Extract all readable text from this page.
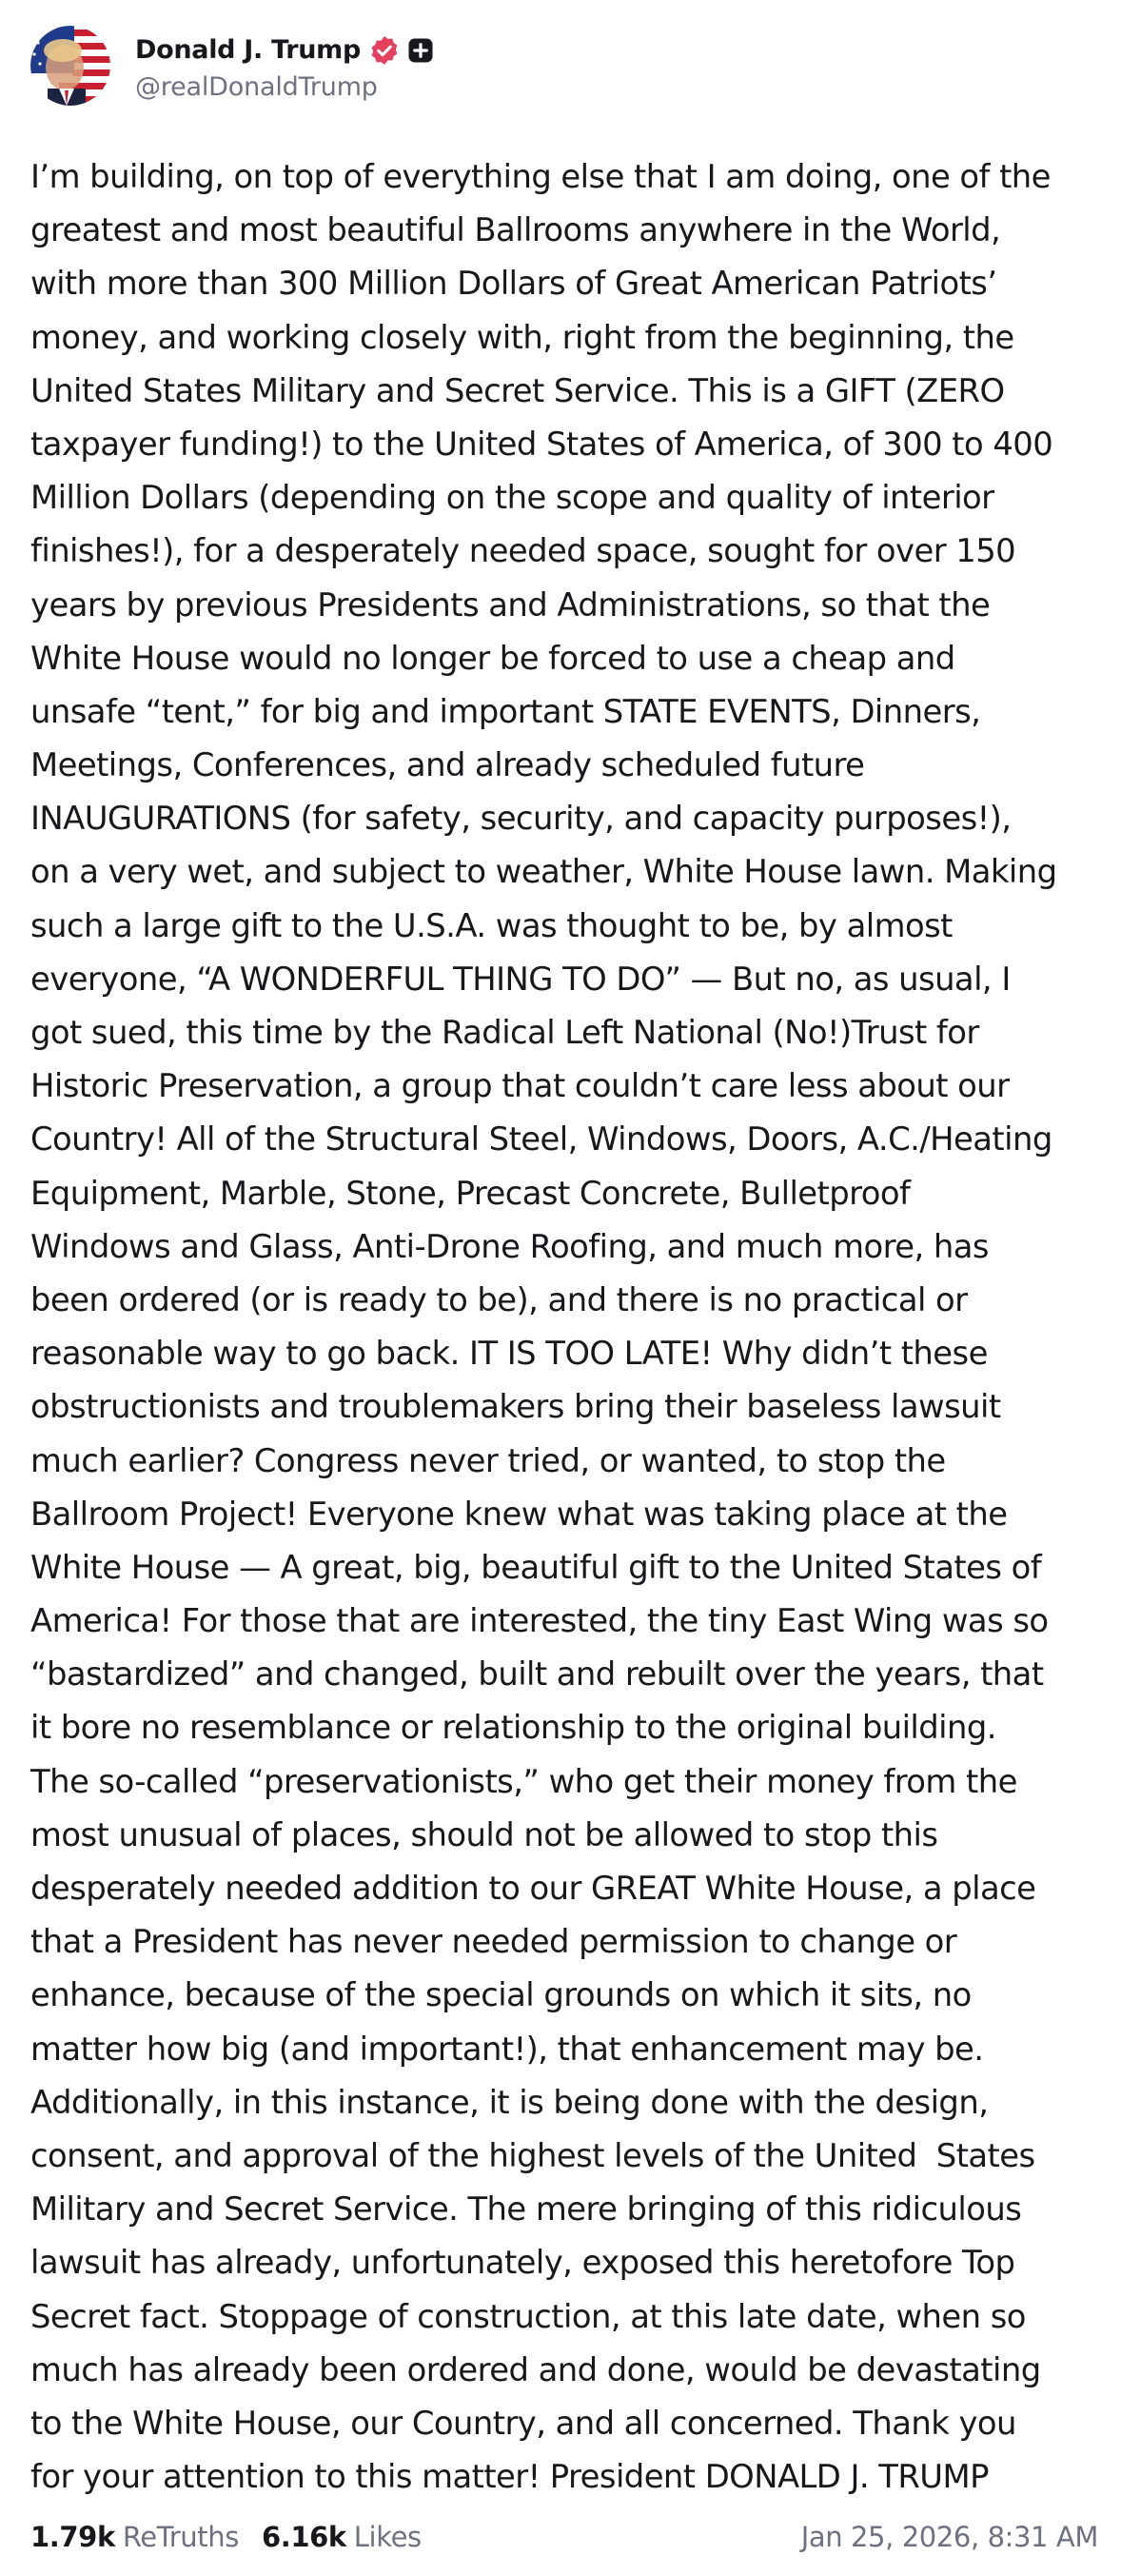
Donald J. Trump
@realDonaldTrump
I’m building, on top of everything else that I am doing, one of the
greatest and most beautiful Ballrooms anywhere in the World,
with more than 300 Million Dollars of Great American Patriots’
money, and working closely with, right from the beginning, the
United States Military and Secret Service. This is a GIFT (ZERO
taxpayer funding!) to the United States of America, of 300 to 400
Million Dollars (depending on the scope and quality of interior
finishes!), for a desperately needed space, sought for over 150
years by previous Presidents and Administrations, so that the
White House would no longer be forced to use a cheap and
unsafe “tent,” for big and important STATE EVENTS, Dinners,
Meetings, Conferences, and already scheduled future
INAUGURATIONS (for safety, security, and capacity purposes!),
on a very wet, and subject to weather, White House lawn. Making
such a large gift to the U.S.A. was thought to be, by almost
everyone, “A WONDERFUL THING TO DO” — But no, as usual, I
got sued, this time by the Radical Left National (No!)Trust for
Historic Preservation, a group that couldn’t care less about our
Country! All of the Structural Steel, Windows, Doors, A.C./Heating
Equipment, Marble, Stone, Precast Concrete, Bulletproof
Windows and Glass, Anti-Drone Roofing, and much more, has
been ordered (or is ready to be), and there is no practical or
reasonable way to go back. IT IS TOO LATE! Why didn’t these
obstructionists and troublemakers bring their baseless lawsuit
much earlier? Congress never tried, or wanted, to stop the
Ballroom Project! Everyone knew what was taking place at the
White House — A great, big, beautiful gift to the United States of
America! For those that are interested, the tiny East Wing was so
“bastardized” and changed, built and rebuilt over the years, that
it bore no resemblance or relationship to the original building.
The so-called “preservationists,” who get their money from the
most unusual of places, should not be allowed to stop this
desperately needed addition to our GREAT White House, a place
that a President has never needed permission to change or
enhance, because of the special grounds on which it sits, no
matter how big (and important!), that enhancement may be.
Additionally, in this instance, it is being done with the design,
consent, and approval of the highest levels of the United  States
Military and Secret Service. The mere bringing of this ridiculous
lawsuit has already, unfortunately, exposed this heretofore Top
Secret fact. Stoppage of construction, at this late date, when so
much has already been ordered and done, would be devastating
to the White House, our Country, and all concerned. Thank you
for your attention to this matter! President DONALD J. TRUMP
1.79k ReTruths 6.16k Likes	Jan 25, 2026, 8:31 AM
